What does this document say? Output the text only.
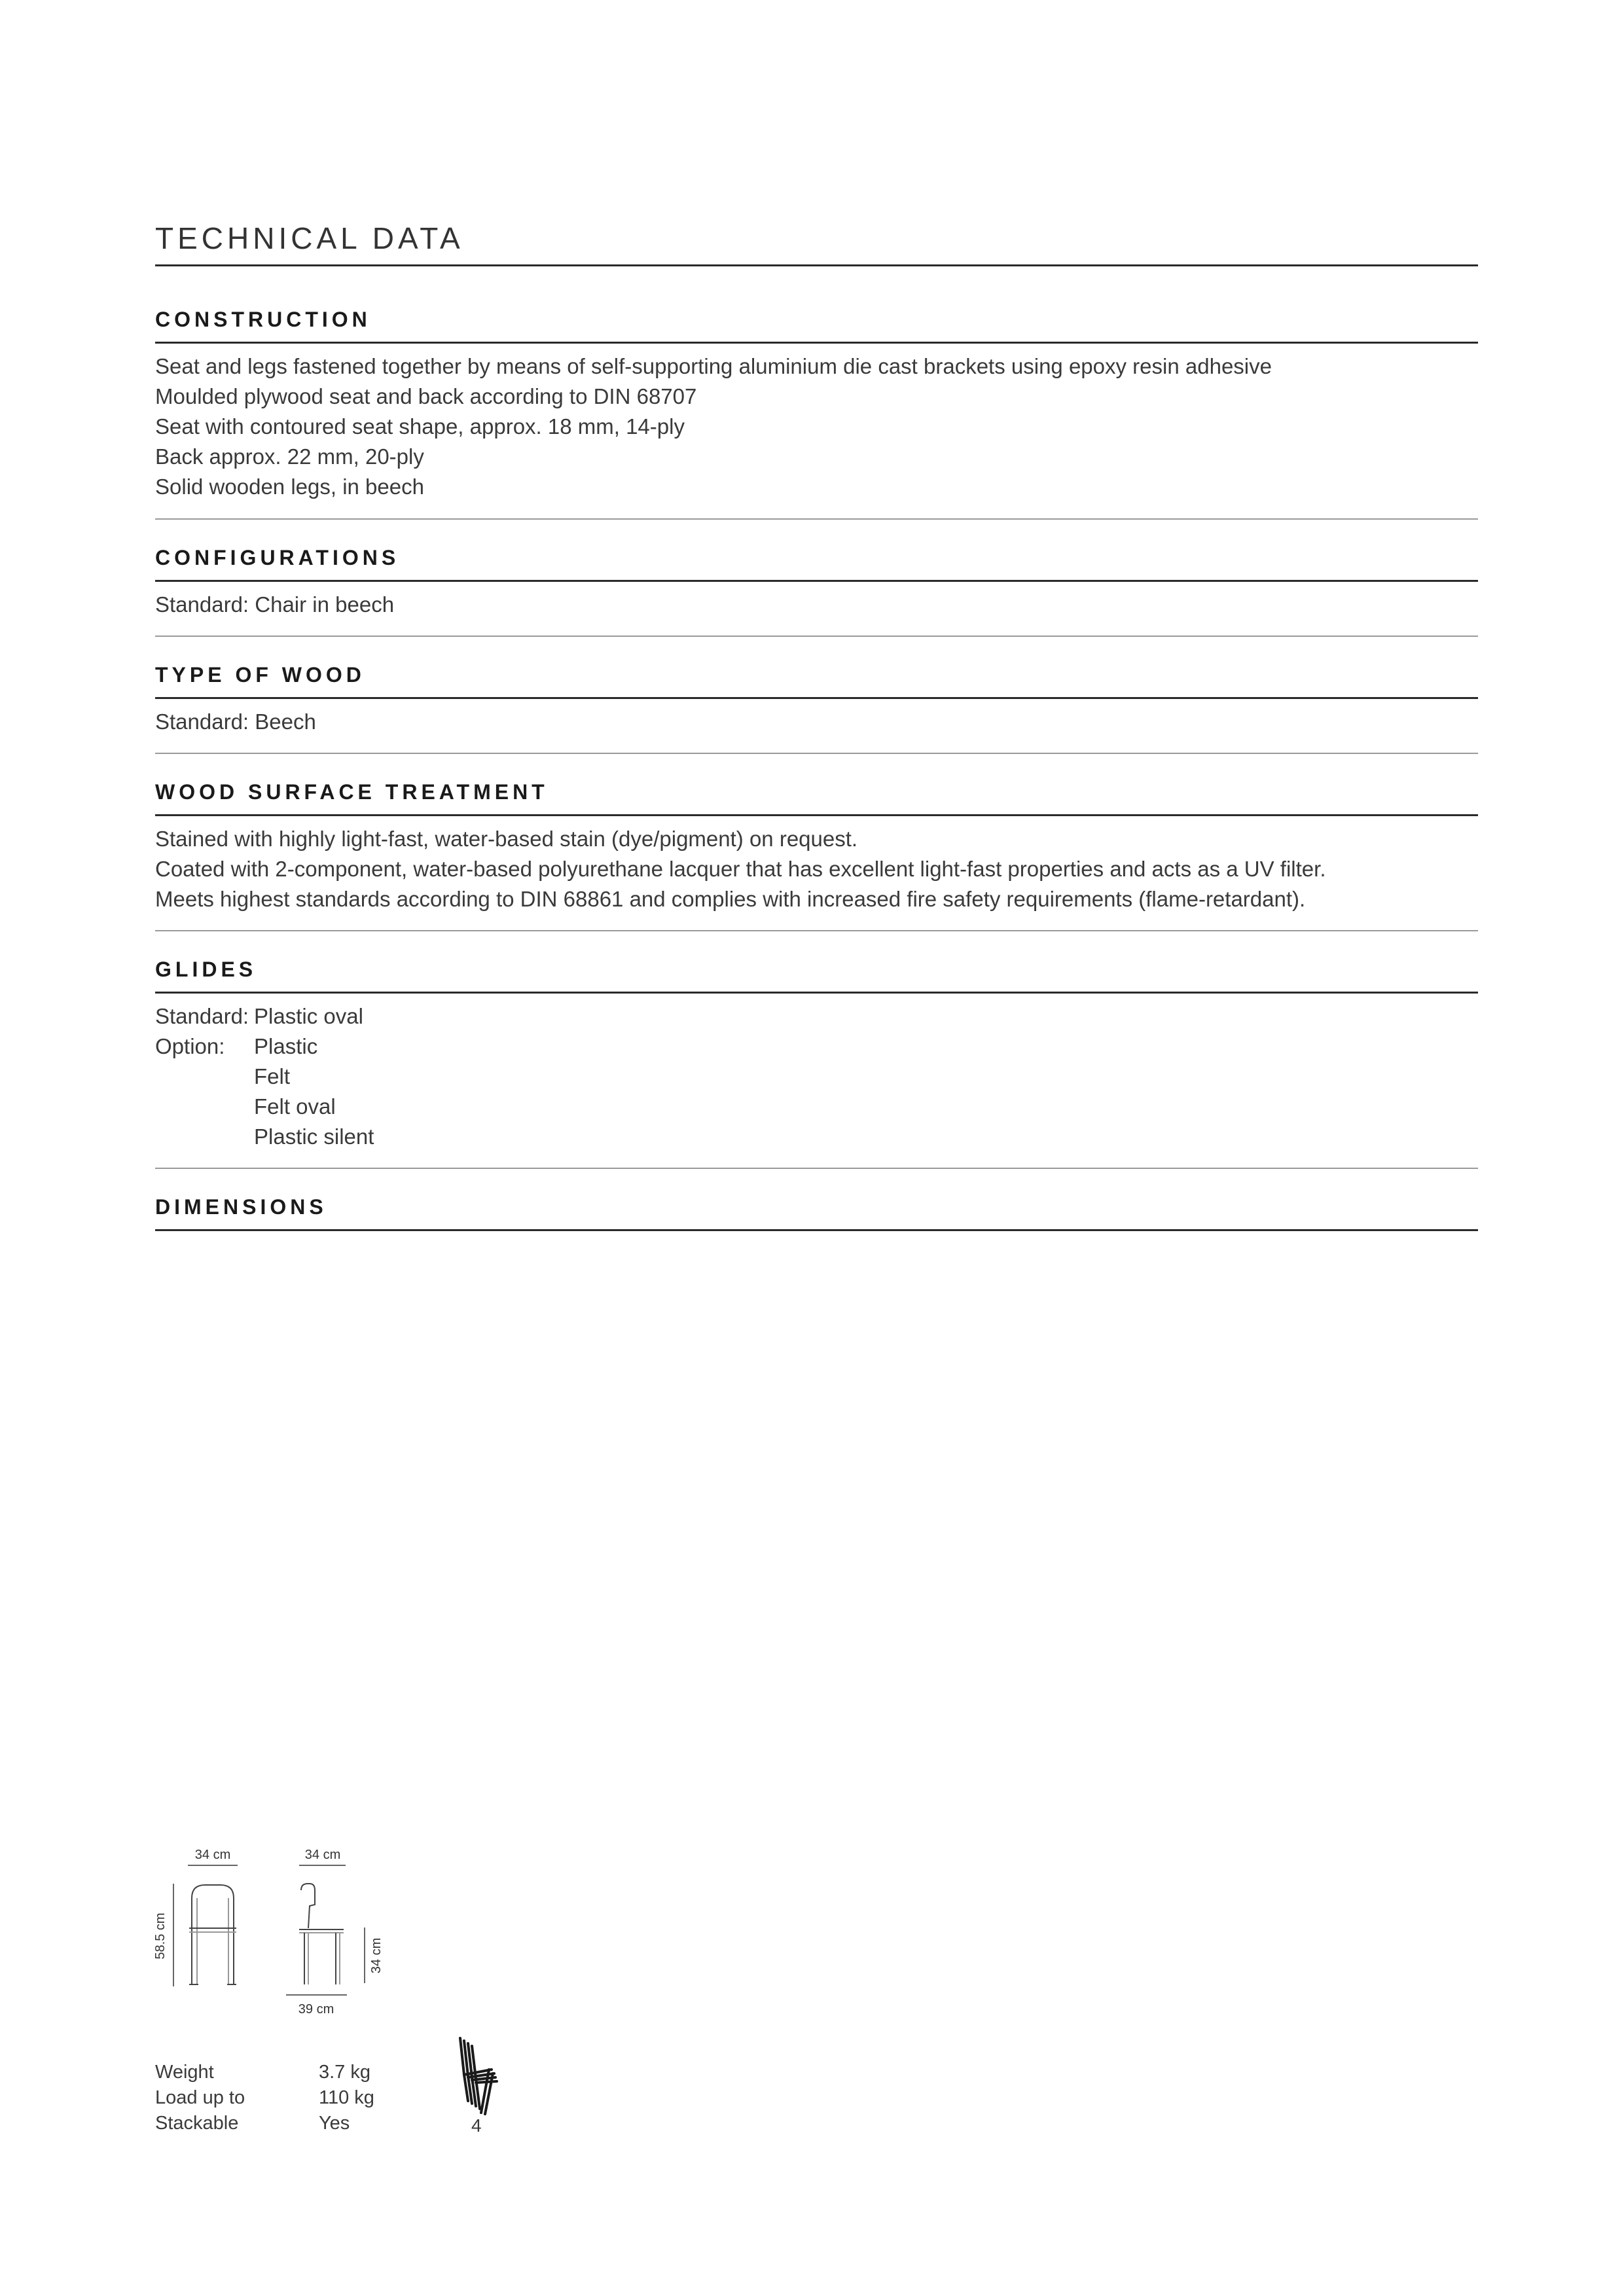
TECHNICAL DATA
CONSTRUCTION
Seat and legs fastened together by means of self-supporting aluminium die cast brackets using epoxy resin adhesive
Moulded plywood seat and back according to DIN 68707
Seat with contoured seat shape, approx. 18 mm, 14-ply
Back approx. 22 mm, 20-ply
Solid wooden legs, in beech
CONFIGURATIONS
Standard: Chair in beech
TYPE OF WOOD
Standard: Beech
WOOD SURFACE TREATMENT
Stained with highly light-fast, water-based stain (dye/pigment) on request.
Coated with 2-component, water-based polyurethane lacquer that has excellent light-fast properties and acts as a UV filter.
Meets highest standards according to DIN 68861 and complies with increased fire safety requirements (flame-retardant).
GLIDES
Standard: Plastic oval
Option: Plastic
Felt
Felt oval
Plastic silent
DIMENSIONS
34 cm	34 cm
58.5 cm	34 cm
39 cm
Weight	3.7 kg
Load up to	110 kg
Stackable	Yes	4
